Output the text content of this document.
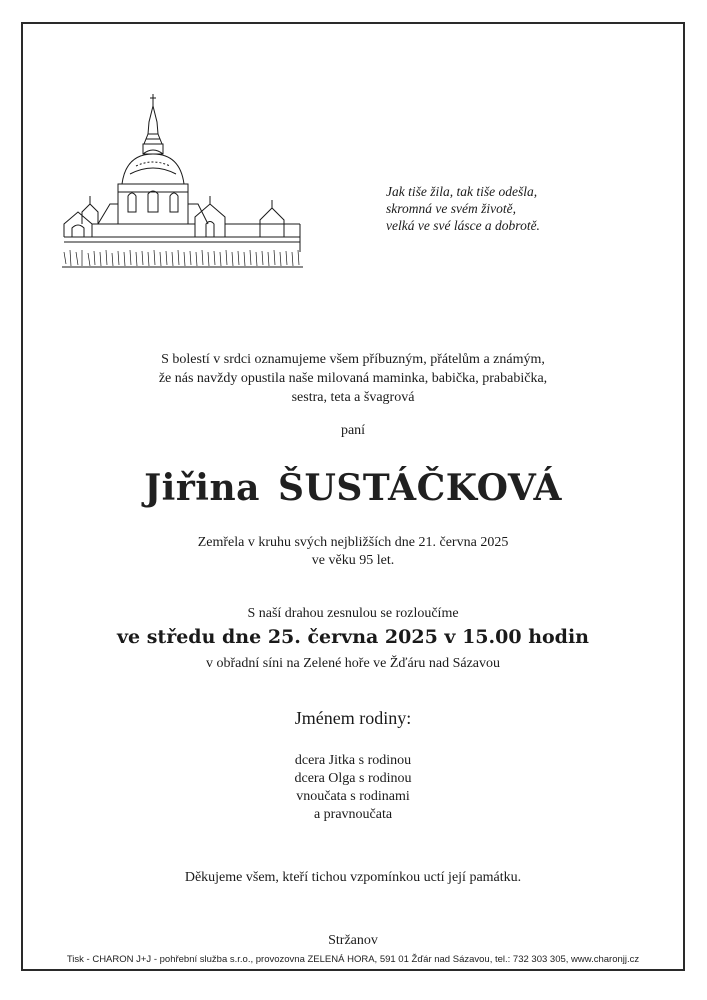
Jak tiše žila, tak tiše odešla,
skromná ve svém životě,
velká ve své lásce a dobrotě.
S bolestí v srdci oznamujeme všem příbuzným, přátelům a známým,
že nás navždy opustila naše milovaná maminka, babička, prababička,
sestra, teta a švagrová
paní
Jiřina ŠUSTÁČKOVÁ
Zemřela v kruhu svých nejbližších dne 21. června 2025
ve věku 95 let.
S naší drahou zesnulou se rozloučíme
ve středu dne 25. června 2025 v 15.00 hodin
v obřadní síni na Zelené hoře ve Žďáru nad Sázavou
Jménem rodiny:
dcera Jitka s rodinou
dcera Olga s rodinou
vnoučata s rodinami
a pravnoučata
Děkujeme všem, kteří tichou vzpomínkou uctí její památku.
Stržanov
Tisk - CHARON J+J - pohřební služba s.r.o., provozovna ZELENÁ HORA, 591 01 Žďár nad Sázavou, tel.: 732 303 305, www.charonjj.cz
